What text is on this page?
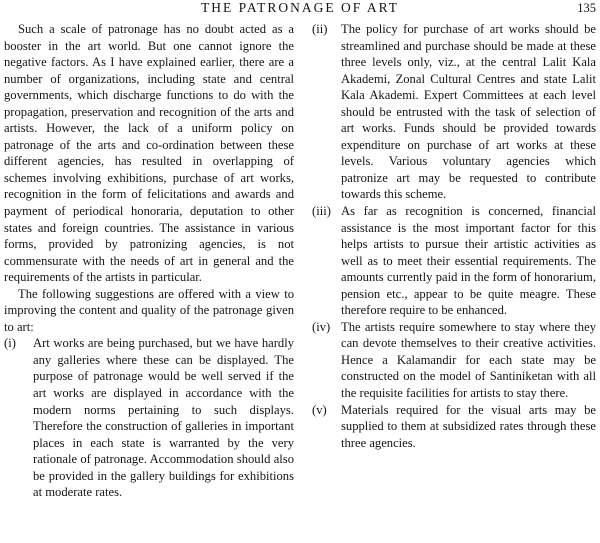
THE PATRONAGE OF ART	135

Such a scale of patronage has no doubt acted as a booster in the art world. But one cannot ignore the negative factors. As I have explained earlier, there are a number of organizations, including state and central governments, which discharge functions to do with the propagation, preservation and recognition of the arts and artists. However, the lack of a uniform policy on patronage of the arts and co-ordination between these different agencies, has resulted in overlapping of schemes involving exhibitions, purchase of art works, recognition in the form of felicitations and awards and payment of periodical honoraria, deputation to other states and foreign countries. The assistance in various forms, provided by patronizing agencies, is not commensurate with the needs of art in general and the requirements of the artists in particular.

The following suggestions are offered with a view to improving the content and quality of the patronage given to art:

(i) Art works are being purchased, but we have hardly any galleries where these can be displayed. The purpose of patronage would be well served if the art works are displayed in accordance with the modern norms pertaining to such displays. Therefore the construction of galleries in important places in each state is warranted by the very rationale of patronage. Accommodation should also be provided in the gallery buildings for exhibitions at moderate rates.
(ii) The policy for purchase of art works should be streamlined and purchase should be made at these three levels only, viz., at the central Lalit Kala Akademi, Zonal Cultural Centres and state Lalit Kala Akademi. Expert Committees at each level should be entrusted with the task of selection of art works. Funds should be provided towards expenditure on purchase of art works at these levels. Various voluntary agencies which patronize art may be requested to contribute towards this scheme.
(iii) As far as recognition is concerned, financial assistance is the most important factor for this helps artists to pursue their artistic activities as well as to meet their essential requirements. The amounts currently paid in the form of honorarium, pension etc., appear to be quite meagre. These therefore require to be enhanced.
(iv) The artists require somewhere to stay where they can devote themselves to their creative activities. Hence a Kalamandir for each state may be constructed on the model of Santiniketan with all the requisite facilities for artists to stay there.
(v) Materials required for the visual arts may be supplied to them at subsidized rates through these three agencies.
